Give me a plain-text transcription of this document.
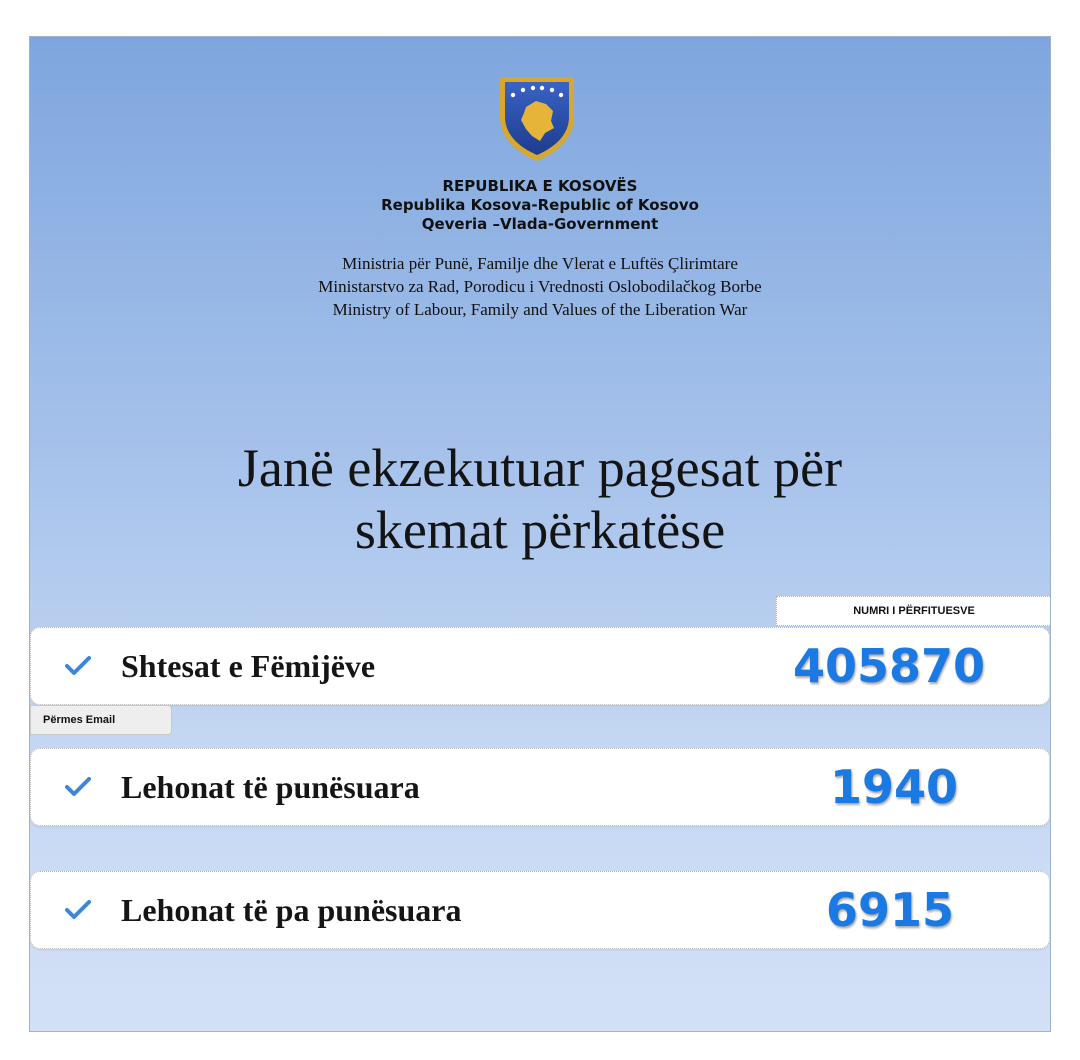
REPUBLIKA E KOSOVËS
Republika Kosova-Republic of Kosovo
Qeveria –Vlada-Government
Ministria për Punë, Familje dhe Vlerat e Luftës Çlirimtare
Ministarstvo za Rad, Porodicu i Vrednosti Oslobodilačkog Borbe
Ministry of Labour, Family and Values of the Liberation War
Janë ekzekutuar pagesat për
skemat përkatëse
NUMRI I PËRFITUESVE
Shtesat e Fëmijëve	405870
Përmes Email
Lehonat të punësuara	1940
Lehonat të pa punësuara	6915
